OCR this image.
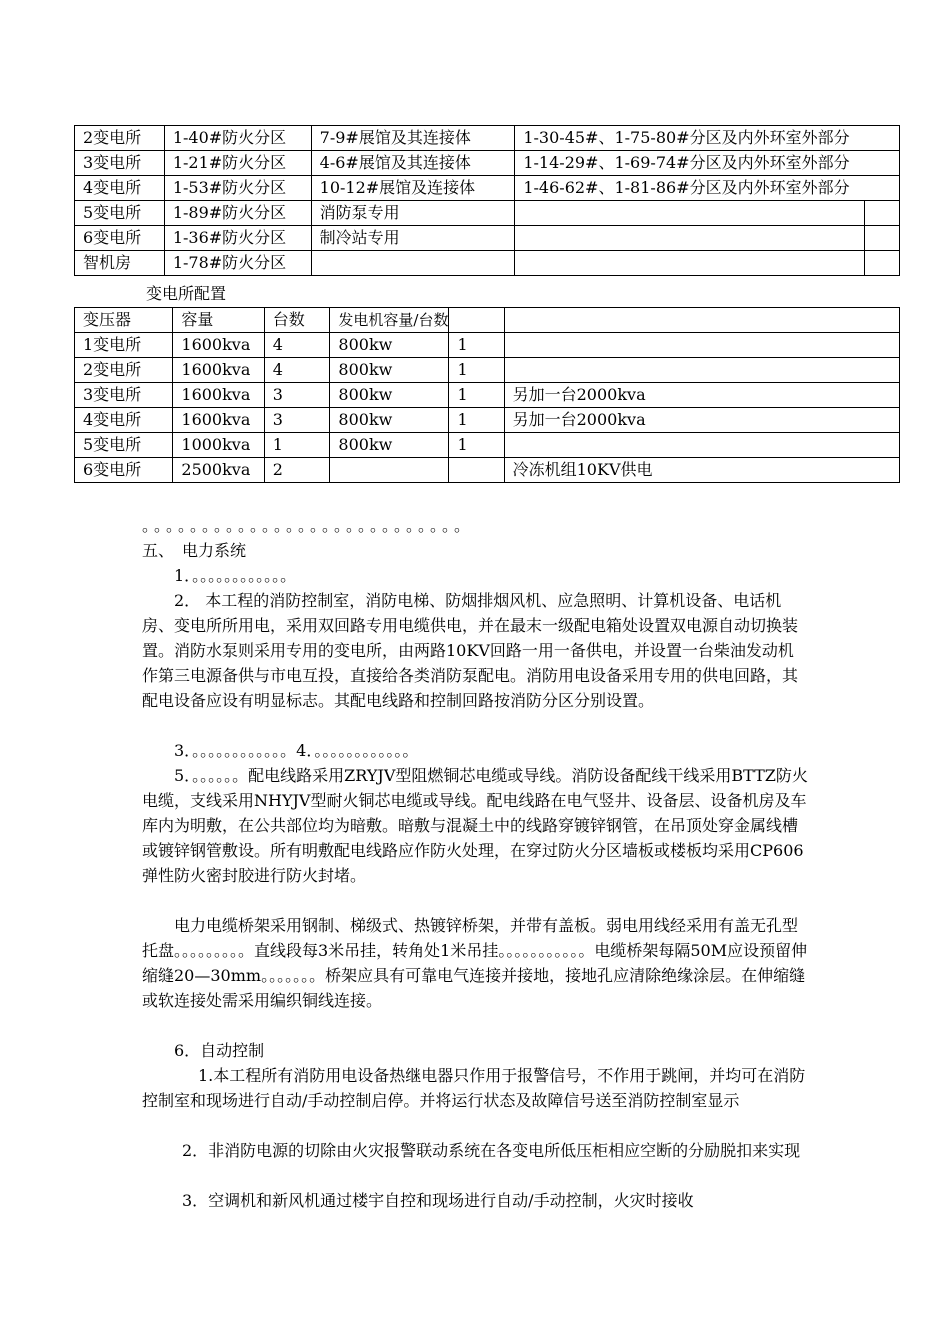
2变电所	1-40#防火分区	7-9#展馆及其连接体	1-30-45#、1-75-80#分区及内外环室外部分	
3变电所	1-21#防火分区	4-6#展馆及其连接体	1-14-29#、1-69-74#分区及内外环室外部分	
4变电所	1-53#防火分区	10-12#展馆及连接体	1-46-62#、1-81-86#分区及内外环室外部分	
5变电所	1-89#防火分区	消防泵专用		
6变电所	1-36#防火分区	制冷站专用		
智机房	1-78#防火分区			
变电所配置
变压器	容量	台数	发电机容量/台数		
1变电所	1600kva	4	800kw	1	
2变电所	1600kva	4	800kw	1	
3变电所	1600kva	3	800kw	1	另加一台2000kva
4变电所	1600kva	3	800kw	1	另加一台2000kva
5变电所	1000kva	1	800kw	1	
6变电所	2500kva	2			冷冻机组10KV供电

。。。。。。。。。。。。。。。。。。。。。。。。。。。

五、　电力系统

1．。。。。。。。。。。。。

2． 本工程的消防控制室，消防电梯、防烟排烟风机、应急照明、计算机设备、电话机房、变电所所用电，采用双回路专用电缆供电，并在最末一级配电箱处设置双电源自动切换装置。消防水泵则采用专用的变电所，由两路10KV回路一用一备供电，并设置一台柴油发动机作第三电源备供与市电互投，直接给各类消防泵配电。消防用电设备采用专用的供电回路，其配电设备应设有明显标志。其配电线路和控制回路按消防分区分别设置。

3．。。。。。。。。。。。。4．。。。。。。。。。。。。

5．。。。。。。配电线路采用ZRYJV型阻燃铜芯电缆或导线。消防设备配线干线采用BTTZ防火电缆，支线采用NHYJV型耐火铜芯电缆或导线。配电线路在电气竖井、设备层、设备机房及车库内为明敷，在公共部位均为暗敷。暗敷与混凝土中的线路穿镀锌钢管，在吊顶处穿金属线槽或镀锌钢管敷设。所有明敷配电线路应作防火处理，在穿过防火分区墙板或楼板均采用CP606弹性防火密封胶进行防火封堵。

电力电缆桥架采用钢制、梯级式、热镀锌桥架，并带有盖板。弱电用线经采用有盖无孔型托盘。。。。。。。。。直线段每3米吊挂，转角处1米吊挂。。。。。。。。。。。电缆桥架每隔50M应设预留伸缩缝20—30mm。。。。。。。桥架应具有可靠电气连接并接地，接地孔应清除绝缘涂层。在伸缩缝或软连接处需采用编织铜线连接。

6．自动控制

1.本工程所有消防用电设备热继电器只作用于报警信号，不作用于跳闸，并均可在消防控制室和现场进行自动/手动控制启停。并将运行状态及故障信号送至消防控制室显示

2．非消防电源的切除由火灾报警联动系统在各变电所低压柜相应空断的分励脱扣来实现

3．空调机和新风机通过楼宇自控和现场进行自动/手动控制，火灾时接收
